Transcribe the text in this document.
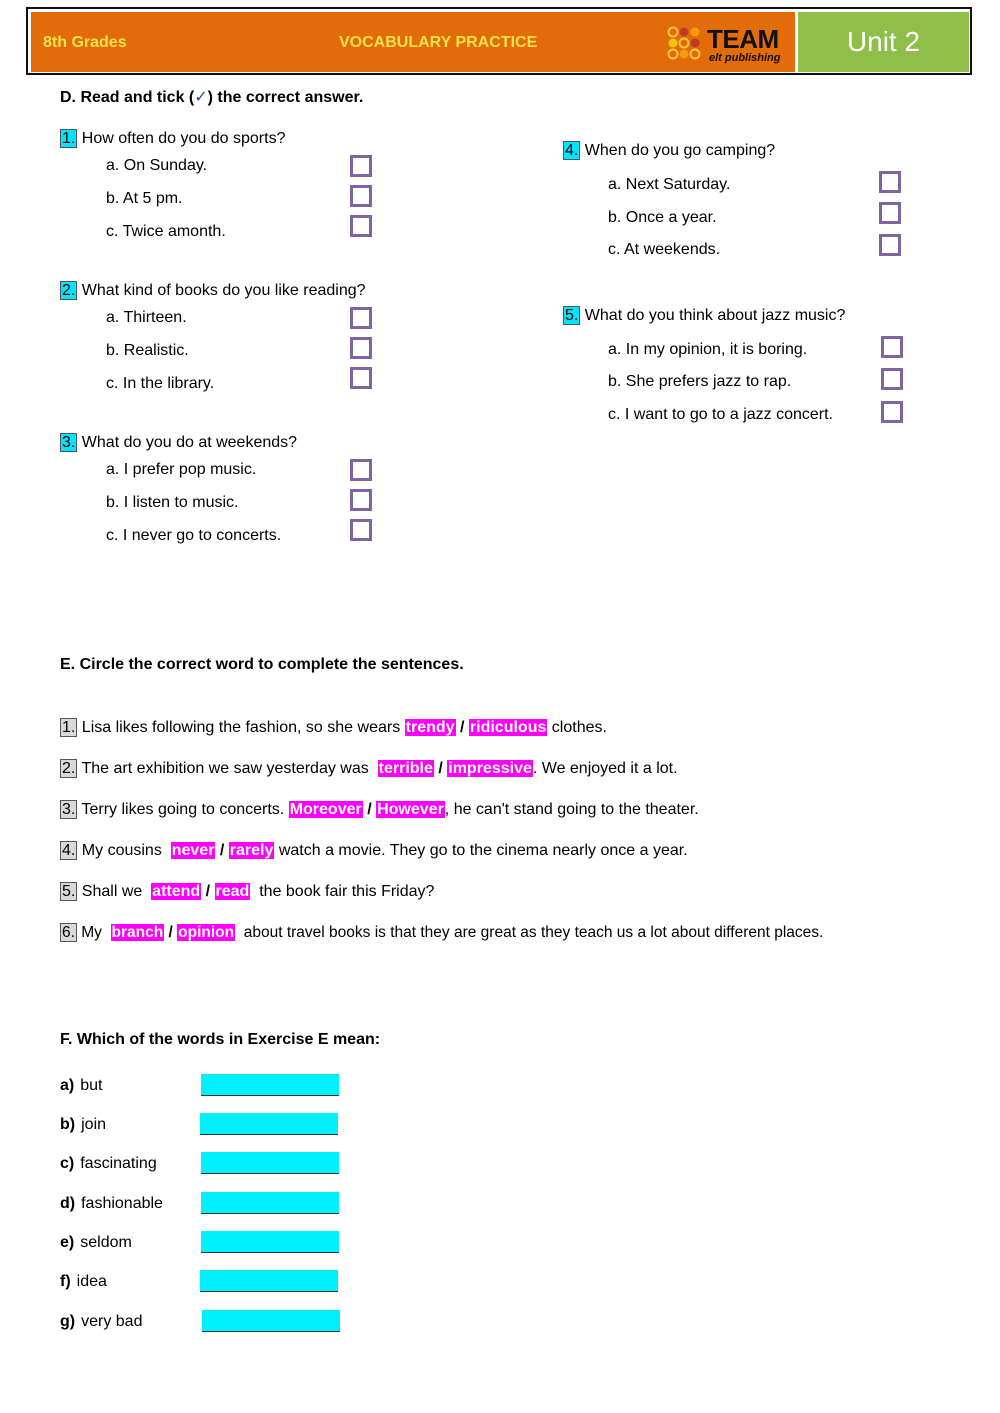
8th Grades	VOCABULARY PRACTICE	TEAM
elt publishing
Unit 2
D. Read and tick (✓) the correct answer.
1. How often do you do sports?
a. On Sunday.
b. At 5 pm.
c. Twice amonth.
2. What kind of books do you like reading?
a. Thirteen.
b. Realistic.
c. In the library.
3. What do you do at weekends?
a. I prefer pop music.
b. I listen to music.
c. I never go to concerts.
4. When do you go camping?
a. Next Saturday.
b. Once a year.
c. At weekends.
5. What do you think about jazz music?
a. In my opinion, it is boring.
b. She prefers jazz to rap.
c. I want to go to a jazz concert.
E. Circle the correct word to complete the sentences.
1. Lisa likes following the fashion, so she wears trendy / ridiculous clothes.
2. The art exhibition we saw yesterday was  terrible / impressive. We enjoyed it a lot.
3. Terry likes going to concerts. Moreover / However, he can't stand going to the theater.
4. My cousins  never / rarely watch a movie. They go to the cinema nearly once a year.
5. Shall we  attend / read  the book fair this Friday?
6. My  branch / opinion  about travel books is that they are great as they teach us a lot about different places.
F. Which of the words in Exercise E mean:
a) but
b) join
c) fascinating
d) fashionable
e) seldom
f) idea
g) very bad
